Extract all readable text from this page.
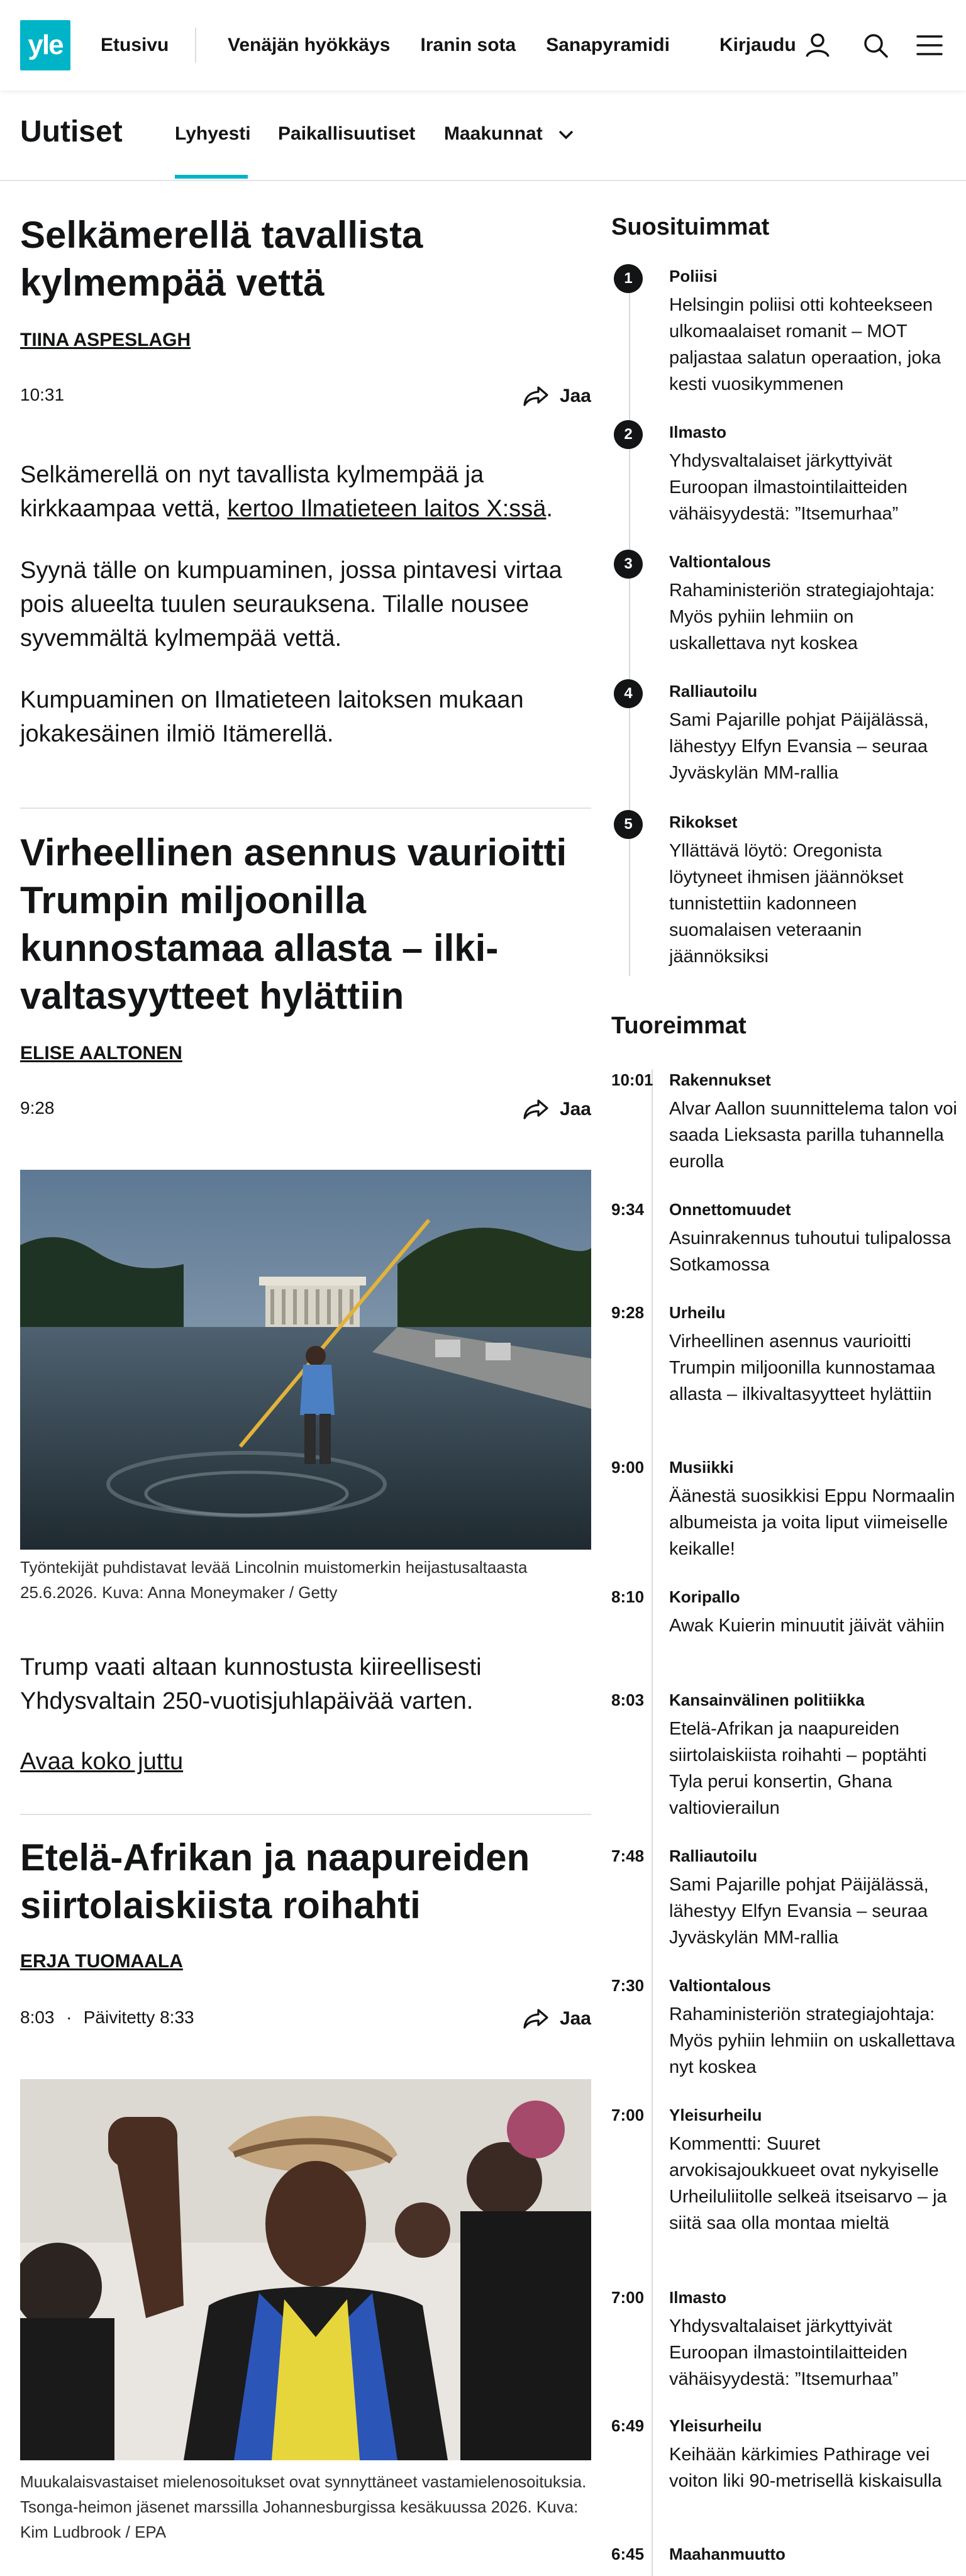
yle	Etusivu	Venäjän hyökkäys Iranin sota Sanapyramidi	Kirjaudu
Uutiset	Lyhyesti Paikallisuutiset Maakunnat
Selkämerellä tavallista kylmempää vettä
TIINA ASPESLAGH
10:31	Jaa
Selkämerellä on nyt tavallista kylmempää ja kirkkaampaa vettä, kertoo Ilmatieteen laitos X:ssä.
Syynä tälle on kumpuaminen, jossa pintavesi virtaa pois alueelta tuulen seurauksena. Tilalle nousee syvemmältä kylmempää vettä.
Kumpuaminen on Ilmatieteen laitoksen mukaan jokakesäinen ilmiö Itämerellä.
Virheellinen asennus vaurioitti Trumpin miljoonilla kunnostamaa allasta – ilkivaltasyytteet hylättiin
ELISE AALTONEN
9:28	Jaa
Työntekijät puhdistavat levää Lincolnin muistomerkin heijastusaltaasta 25.6.2026. Kuva: Anna Moneymaker / Getty
Trump vaati altaan kunnostusta kiireellisesti Yhdysvaltain 250-vuotisjuhlapäivää varten.
Avaa koko juttu
Etelä-Afrikan ja naapureiden siirtolaiskiista roihahti
ERJA TUOMAALA
8:03 · Päivitetty 8:33	Jaa
Muukalaisvastaiset mielenosoitukset ovat synnyttäneet vastamielenosoituksia. Tsonga-heimon jäsenet marssilla Johannesburgissa kesäkuussa 2026. Kuva: Kim Ludbrook / EPA
Suosituimmat
1	Poliisi
Helsingin poliisi otti kohteekseen ulkomaalaiset romanit – MOT paljastaa salatun operaation, joka kesti vuosikymmenen
2	Ilmasto
Yhdysvaltalaiset järkyttyivät Euroopan ilmastointilaitteiden vähäisyydestä: ”Itsemurhaa”
3	Valtiontalous
Rahaministeriön strategiajohtaja: Myös pyhiin lehmiin on uskallettava nyt koskea
4	Ralliautoilu
Sami Pajarille pohjat Päijälässä, lähestyy Elfyn Evansia – seuraa Jyväskylän MM-rallia
5	Rikokset
Yllättävä löytö: Oregonista löytyneet ihmisen jäännökset tunnistettiin kadonneen suomalaisen veteraanin jäännöksiksi
Tuoreimmat
10:01 Rakennukset
Alvar Aallon suunnittelema talon voi saada Lieksasta parilla tuhannella eurolla
9:34 Onnettomuudet
Asuinrakennus tuhoutui tulipalossa Sotkamossa
9:28 Urheilu
Virheellinen asennus vaurioitti Trumpin miljoonilla kunnostamaa allasta – ilkivaltasyytteet hylättiin
9:00 Musiikki
Äänestä suosikkisi Eppu Normaalin albumeista ja voita liput viimeiselle keikalle!
8:10 Koripallo
Awak Kuierin minuutit jäivät vähiin
8:03 Kansainvälinen politiikka
Etelä-Afrikan ja naapureiden siirtolaiskiista roihahti – poptähti Tyla perui konsertin, Ghana valtiovierailun
7:48 Ralliautoilu
Sami Pajarille pohjat Päijälässä, lähestyy Elfyn Evansia – seuraa Jyväskylän MM-rallia
7:30 Valtiontalous
Rahaministeriön strategiajohtaja: Myös pyhiin lehmiin on uskallettava nyt koskea
7:00 Yleisurheilu
Kommentti: Suuret arvokisajoukkueet ovat nykyiselle Urheiluliitolle selkeä itseisarvo – ja siitä saa olla montaa mieltä
7:00 Ilmasto
Yhdysvaltalaiset järkyttyivät Euroopan ilmastointilaitteiden vähäisyydestä: ”Itsemurhaa”
6:49 Yleisurheilu
Keihään kärkimies Pathirage vei voiton liki 90-metrisellä kiskaisulla
6:45 Maahanmuutto
